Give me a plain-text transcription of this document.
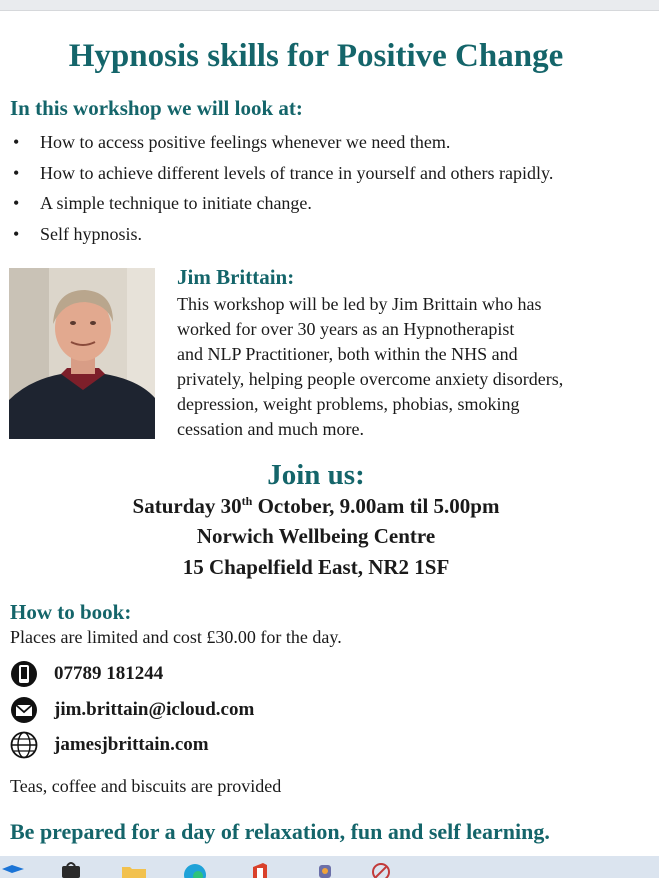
Hypnosis skills for Positive Change
In this workshop we will look at:
• How to access positive feelings whenever we need them.
• How to achieve different levels of trance in yourself and others rapidly.
• A simple technique to initiate change.
• Self hypnosis.
Jim Brittain:
This workshop will be led by Jim Brittain who has
worked for over 30 years as an Hypnotherapist
and NLP Practitioner, both within the NHS and
privately, helping people overcome anxiety disorders,
depression, weight problems, phobias, smoking
cessation and much more.
Join us:
Saturday 30th October, 9.00am til 5.00pm
Norwich Wellbeing Centre
15 Chapelfield East, NR2 1SF
How to book:
Places are limited and cost £30.00 for the day.
07789 181244
jim.brittain@icloud.com
jamesjbrittain.com
Teas, coffee and biscuits are provided
Be prepared for a day of relaxation, fun and self learning.
